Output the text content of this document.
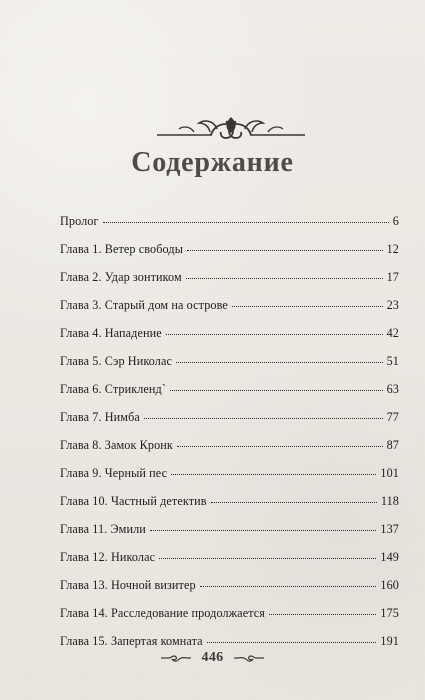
Содержание
Пролог	6
Глава 1. Ветер свободы	12
Глава 2. Удар зонтиком	17
Глава 3. Старый дом на острове	23
Глава 4. Нападение	42
Глава 5. Сэр Николас	51
Глава 6. Стриклендˋ	63
Глава 7. Нимба	77
Глава 8. Замок Кронк	87
Глава 9. Черный пес	101
Глава 10. Частный детектив	118
Глава 11. Эмили	137
Глава 12. Николас	149
Глава 13. Ночной визитер	160
Глава 14. Расследование продолжается	175
Глава 15. Запертая комната	191
446
